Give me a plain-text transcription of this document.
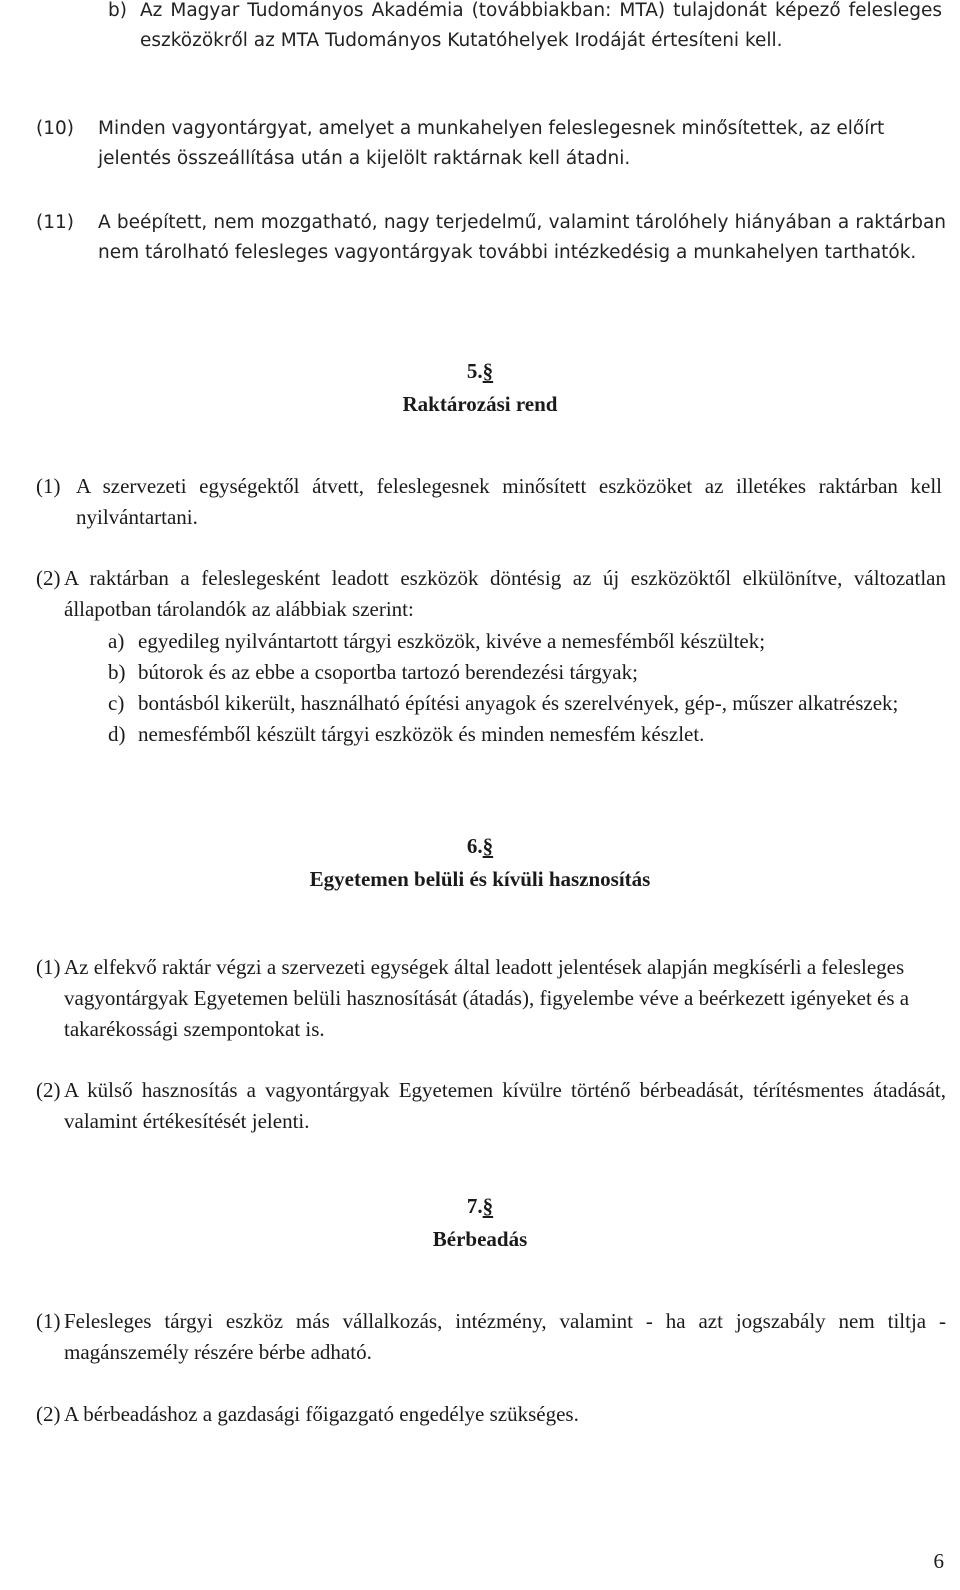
b) Az Magyar Tudományos Akadémia (továbbiakban: MTA) tulajdonát képező felesleges eszközökről az MTA Tudományos Kutatóhelyek Irodáját értesíteni kell.
(10)	Minden vagyontárgyat, amelyet a munkahelyen feleslegesnek minősítettek, az előírt jelentés összeállítása után a kijelölt raktárnak kell átadni.
(11)	A beépített, nem mozgatható, nagy terjedelmű, valamint tárolóhely hiányában a raktárban nem tárolható felesleges vagyontárgyak további intézkedésig a munkahelyen tarthatók.
5.§
Raktározási rend
(1) A szervezeti egységektől átvett, feleslegesnek minősített eszközöket az illetékes raktárban kell nyilvántartani.
(2) A raktárban a feleslegesként leadott eszközök döntésig az új eszközöktől elkülönítve, változatlan állapotban tárolandók az alábbiak szerint:
a) egyedileg nyilvántartott tárgyi eszközök, kivéve a nemesfémből készültek;
b) bútorok és az ebbe a csoportba tartozó berendezési tárgyak;
c) bontásból kikerült, használható építési anyagok és szerelvények, gép-, műszer alkatrészek;
d) nemesfémből készült tárgyi eszközök és minden nemesfém készlet.
6.§
Egyetemen belüli és kívüli hasznosítás
(1) Az elfekvő raktár végzi a szervezeti egységek által leadott jelentések alapján megkísérli a felesleges vagyontárgyak Egyetemen belüli hasznosítását (átadás), figyelembe véve a beérkezett igényeket és a takarékossági szempontokat is.
(2) A külső hasznosítás a vagyontárgyak Egyetemen kívülre történő bérbeadását, térítésmentes átadását, valamint értékesítését jelenti.
7.§
Bérbeadás
(1) Felesleges tárgyi eszköz más vállalkozás, intézmény, valamint - ha azt jogszabály nem tiltja - magánszemély részére bérbe adható.
(2) A bérbeadáshoz a gazdasági főigazgató engedélye szükséges.
6
